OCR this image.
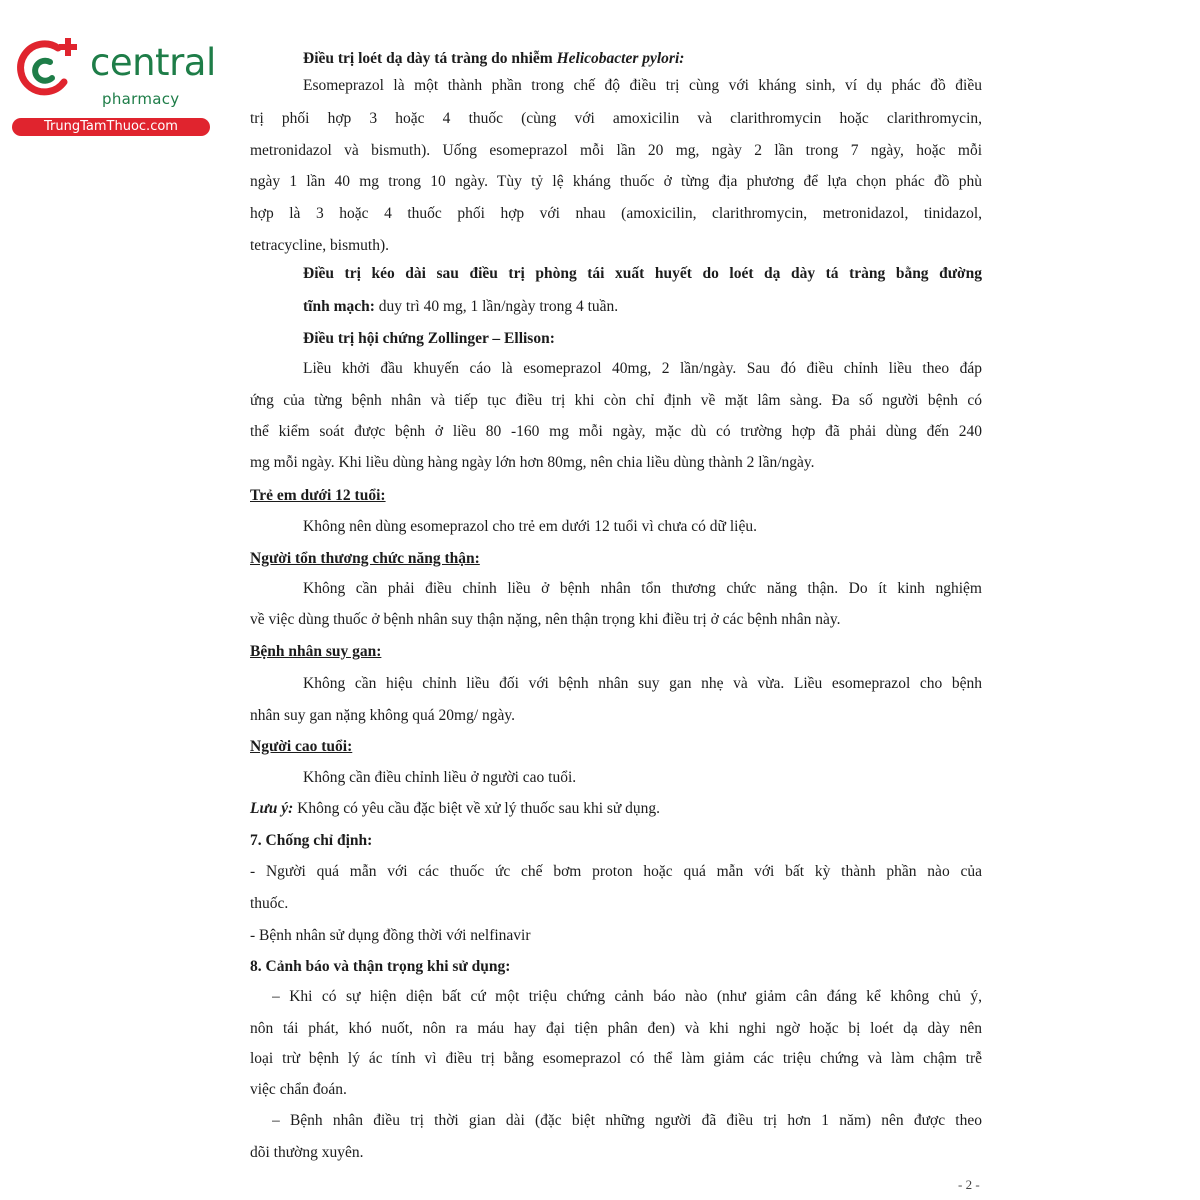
central
pharmacy
TrungTamThuoc.com
Điều trị loét dạ dày tá tràng do nhiễm Helicobacter pylori:
Esomeprazol là một thành phần trong chế độ điều trị cùng với kháng sinh, ví dụ phác đồ điều
trị phối hợp 3 hoặc 4 thuốc (cùng với amoxicilin và clarithromycin hoặc clarithromycin,
metronidazol và bismuth). Uống esomeprazol mỗi lần 20 mg, ngày 2 lần trong 7 ngày, hoặc mỗi
ngày 1 lần 40 mg trong 10 ngày. Tùy tỷ lệ kháng thuốc ở từng địa phương để lựa chọn phác đồ phù
hợp là 3 hoặc 4 thuốc phối hợp với nhau (amoxicilin, clarithromycin, metronidazol, tinidazol,
tetracycline, bismuth).
Điều trị kéo dài sau điều trị phòng tái xuất huyết do loét dạ dày tá tràng bằng đường
tĩnh mạch: duy trì 40 mg, 1 lần/ngày trong 4 tuần.
Điều trị hội chứng Zollinger – Ellison:
Liều khởi đầu khuyến cáo là esomeprazol 40mg, 2 lần/ngày. Sau đó điều chỉnh liều theo đáp
ứng của từng bệnh nhân và tiếp tục điều trị khi còn chỉ định về mặt lâm sàng. Đa số người bệnh có
thể kiểm soát được bệnh ở liều 80 -160 mg mỗi ngày, mặc dù có trường hợp đã phải dùng đến 240
mg mỗi ngày. Khi liều dùng hàng ngày lớn hơn 80mg, nên chia liều dùng thành 2 lần/ngày.
Trẻ em dưới 12 tuổi:
Không nên dùng esomeprazol cho trẻ em dưới 12 tuổi vì chưa có dữ liệu.
Người tổn thương chức năng thận:
Không cần phải điều chỉnh liều ở bệnh nhân tổn thương chức năng thận. Do ít kinh nghiệm
về việc dùng thuốc ở bệnh nhân suy thận nặng, nên thận trọng khi điều trị ở các bệnh nhân này.
Bệnh nhân suy gan:
Không cần hiệu chỉnh liều đối với bệnh nhân suy gan nhẹ và vừa. Liều esomeprazol cho bệnh
nhân suy gan nặng không quá 20mg/ ngày.
Người cao tuổi:
Không cần điều chỉnh liều ở người cao tuổi.
Lưu ý: Không có yêu cầu đặc biệt về xử lý thuốc sau khi sử dụng.
7. Chống chỉ định:
- Người quá mẫn với các thuốc ức chế bơm proton hoặc quá mẫn với bất kỳ thành phần nào của
thuốc.
- Bệnh nhân sử dụng đồng thời với nelfinavir
8. Cảnh báo và thận trọng khi sử dụng:
– Khi có sự hiện diện bất cứ một triệu chứng cảnh báo nào (như giảm cân đáng kể không chủ ý,
nôn tái phát, khó nuốt, nôn ra máu hay đại tiện phân đen) và khi nghi ngờ hoặc bị loét dạ dày nên
loại trừ bệnh lý ác tính vì điều trị bằng esomeprazol có thể làm giảm các triệu chứng và làm chậm trễ
việc chẩn đoán.
– Bệnh nhân điều trị thời gian dài (đặc biệt những người đã điều trị hơn 1 năm) nên được theo
dõi thường xuyên.
- 2 -
